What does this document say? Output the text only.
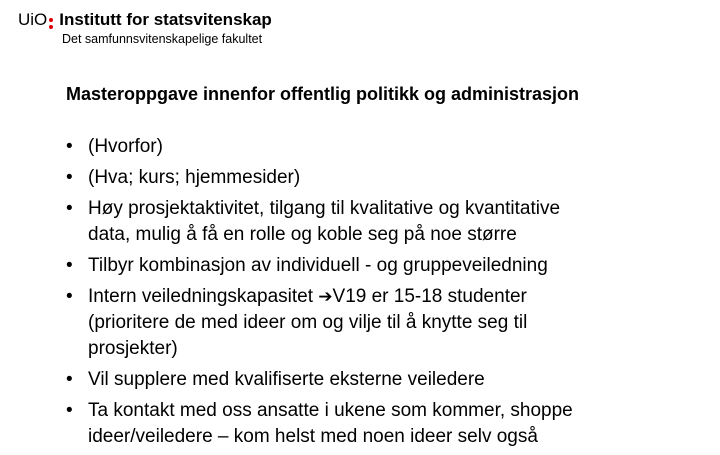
UiO Institutt for statsvitenskap
Det samfunnsvitenskapelige fakultet
Masteroppgave innenfor offentlig politikk og administrasjon
• (Hvorfor)
• (Hva; kurs; hjemmesider)
• Høy prosjektaktivitet, tilgang til kvalitative og kvantitative
data, mulig å få en rolle og koble seg på noe større
• Tilbyr kombinasjon av individuell - og gruppeveiledning
• Intern veiledningskapasitet ➔V19 er 15-18 studenter
(prioritere de med ideer om og vilje til å knytte seg til
prosjekter)
• Vil supplere med kvalifiserte eksterne veiledere
• Ta kontakt med oss ansatte i ukene som kommer, shoppe
ideer/veiledere – kom helst med noen ideer selv også
